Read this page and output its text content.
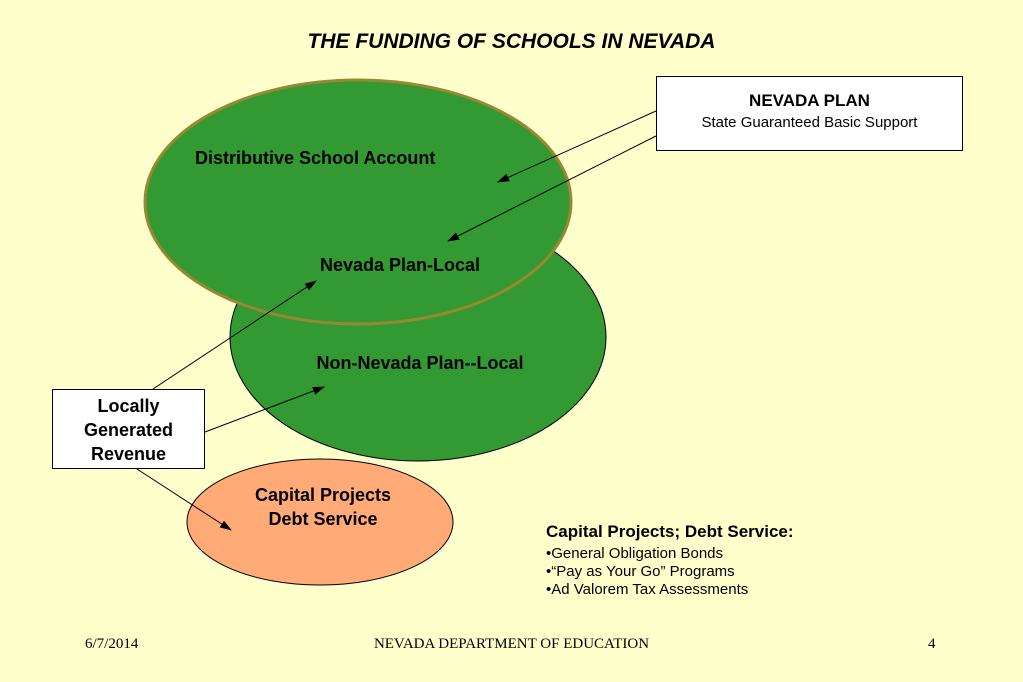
THE FUNDING OF SCHOOLS IN NEVADA
Distributive School Account
Nevada Plan-Local
Non-Nevada Plan--Local
Capital Projects
Debt Service
NEVADA PLAN
State Guaranteed Basic Support
Locally
Generated
Revenue
Capital Projects; Debt Service:
•General Obligation Bonds
•“Pay as Your Go” Programs
•Ad Valorem Tax Assessments
6/7/2014	NEVADA DEPARTMENT OF EDUCATION	4
